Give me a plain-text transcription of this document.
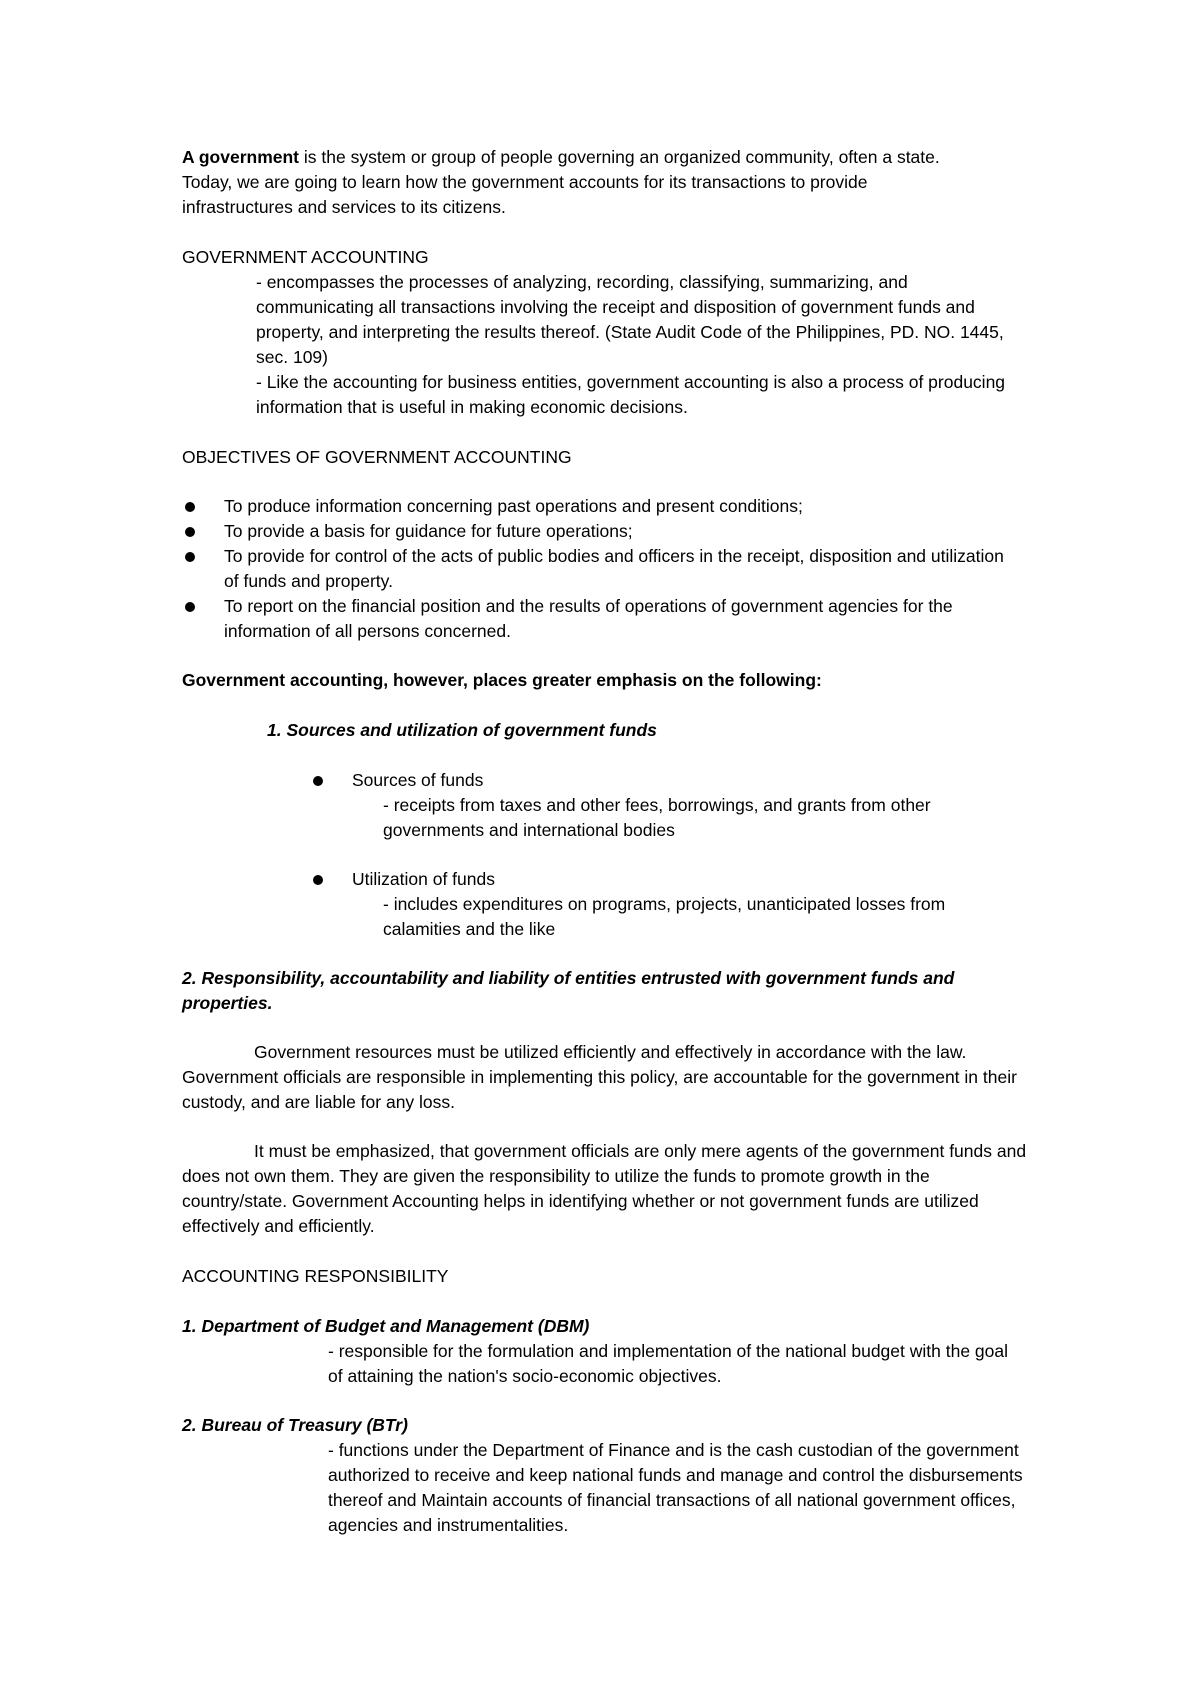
A government is the system or group of people governing an organized community, often a state.

Today, we are going to learn how the government accounts for its transactions to provide

infrastructures and services to its citizens.

GOVERNMENT ACCOUNTING

- encompasses the processes of analyzing, recording, classifying, summarizing, and communicating all transactions involving the receipt and disposition of government funds and property, and interpreting the results thereof. (State Audit Code of the Philippines, PD. NO. 1445, sec. 109)

- Like the accounting for business entities, government accounting is also a process of producing information that is useful in making economic decisions.

OBJECTIVES OF GOVERNMENT ACCOUNTING
To produce information concerning past operations and present conditions;
To provide a basis for guidance for future operations;
To provide for control of the acts of public bodies and officers in the receipt, disposition and utilization of funds and property.
To report on the financial position and the results of operations of government agencies for the information of all persons concerned.
Government accounting, however, places greater emphasis on the following:
1. Sources and utilization of government funds
Sources of funds
- receipts from taxes and other fees, borrowings, and grants from other governments and international bodies
Utilization of funds
- includes expenditures on programs, projects, unanticipated losses from calamities and the like
2. Responsibility, accountability and liability of entities entrusted with government funds and properties.
Government resources must be utilized efficiently and effectively in accordance with the law. Government officials are responsible in implementing this policy, are accountable for the government in their custody, and are liable for any loss.
It must be emphasized, that government officials are only mere agents of the government funds and does not own them. They are given the responsibility to utilize the funds to promote growth in the country/state. Government Accounting helps in identifying whether or not government funds are utilized effectively and efficiently.
ACCOUNTING RESPONSIBILITY
1. Department of Budget and Management (DBM)
- responsible for the formulation and implementation of the national budget with the goal of attaining the nation's socio-economic objectives.
2. Bureau of Treasury (BTr)
- functions under the Department of Finance and is the cash custodian of the government authorized to receive and keep national funds and manage and control the disbursements thereof and Maintain accounts of financial transactions of all national government offices, agencies and instrumentalities.
